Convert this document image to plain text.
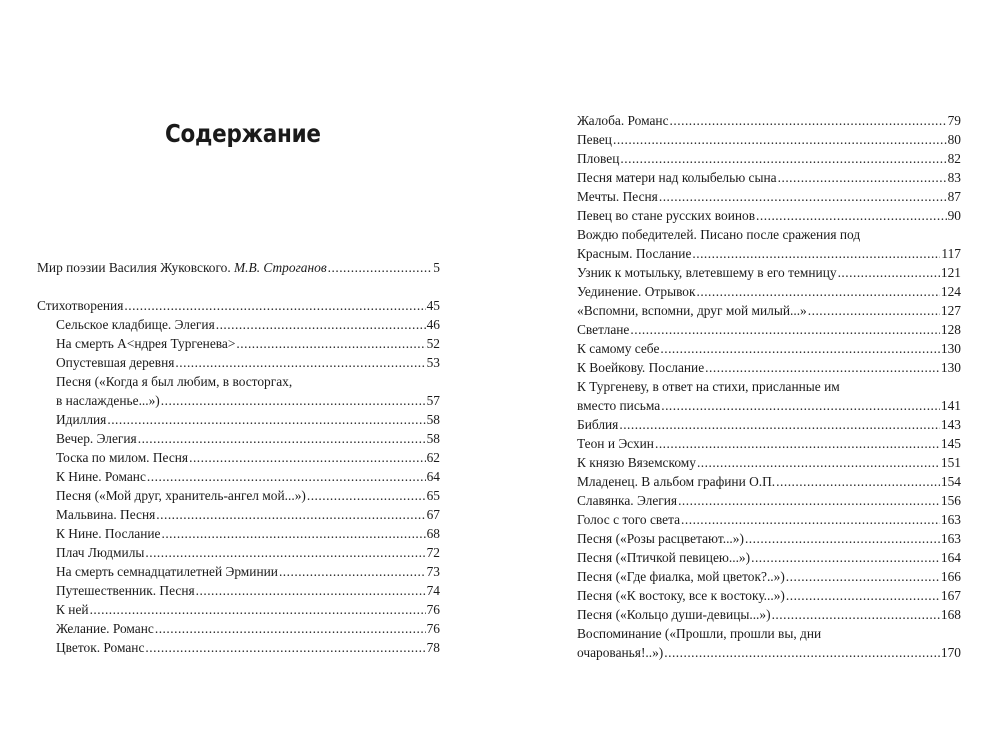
Содержание
Мир поэзии Василия Жуковского. М.В. Строганов .....	5
Стихотворения .....	45
Сельское кладбище. Элегия .....	46
На смерть А<ндрея Тургенева> .....	52
Опустевшая деревня .....	53
Песня («Когда я был любим, в восторгах,
в наслажденье...») .....	57
Идиллия .....	58
Вечер. Элегия .....	58
Тоска по милом. Песня .....	62
К Нине. Романс .....	64
Песня («Мой друг, хранитель-ангел мой...») .....	65
Мальвина. Песня .....	67
К Нине. Послание .....	68
Плач Людмилы .....	72
На смерть семнадцатилетней Эрминии .....	73
Путешественник. Песня .....	74
К ней .....	76
Желание. Романс .....	76
Цветок. Романс .....	78
Жалоба. Романс .....	79
Певец .....	80
Пловец .....	82
Песня матери над колыбелью сына .....	83
Мечты. Песня .....	87
Певец во стане русских воинов .....	90
Вождю победителей. Писано после сражения под
Красным. Послание .....	117
Узник к мотыльку, влетевшему в его темницу .....	121
Уединение. Отрывок .....	124
«Вспомни, вспомни, друг мой милый...» .....	127
Светлане .....	128
К самому себе .....	130
К Воейкову. Послание .....	130
К Тургеневу, в ответ на стихи, присланные им
вместо письма .....	141
Библия .....	143
Теон и Эсхин .....	145
К князю Вяземскому .....	151
Младенец. В альбом графини О.П. .....	154
Славянка. Элегия .....	156
Голос с того света .....	163
Песня («Розы расцветают...») .....	163
Песня («Птичкой певицею...») .....	164
Песня («Где фиалка, мой цветок?..») .....	166
Песня («К востоку, все к востоку...») .....	167
Песня («Кольцо души-девицы...») .....	168
Воспоминание («Прошли, прошли вы, дни
очарованья!..») .....	170
